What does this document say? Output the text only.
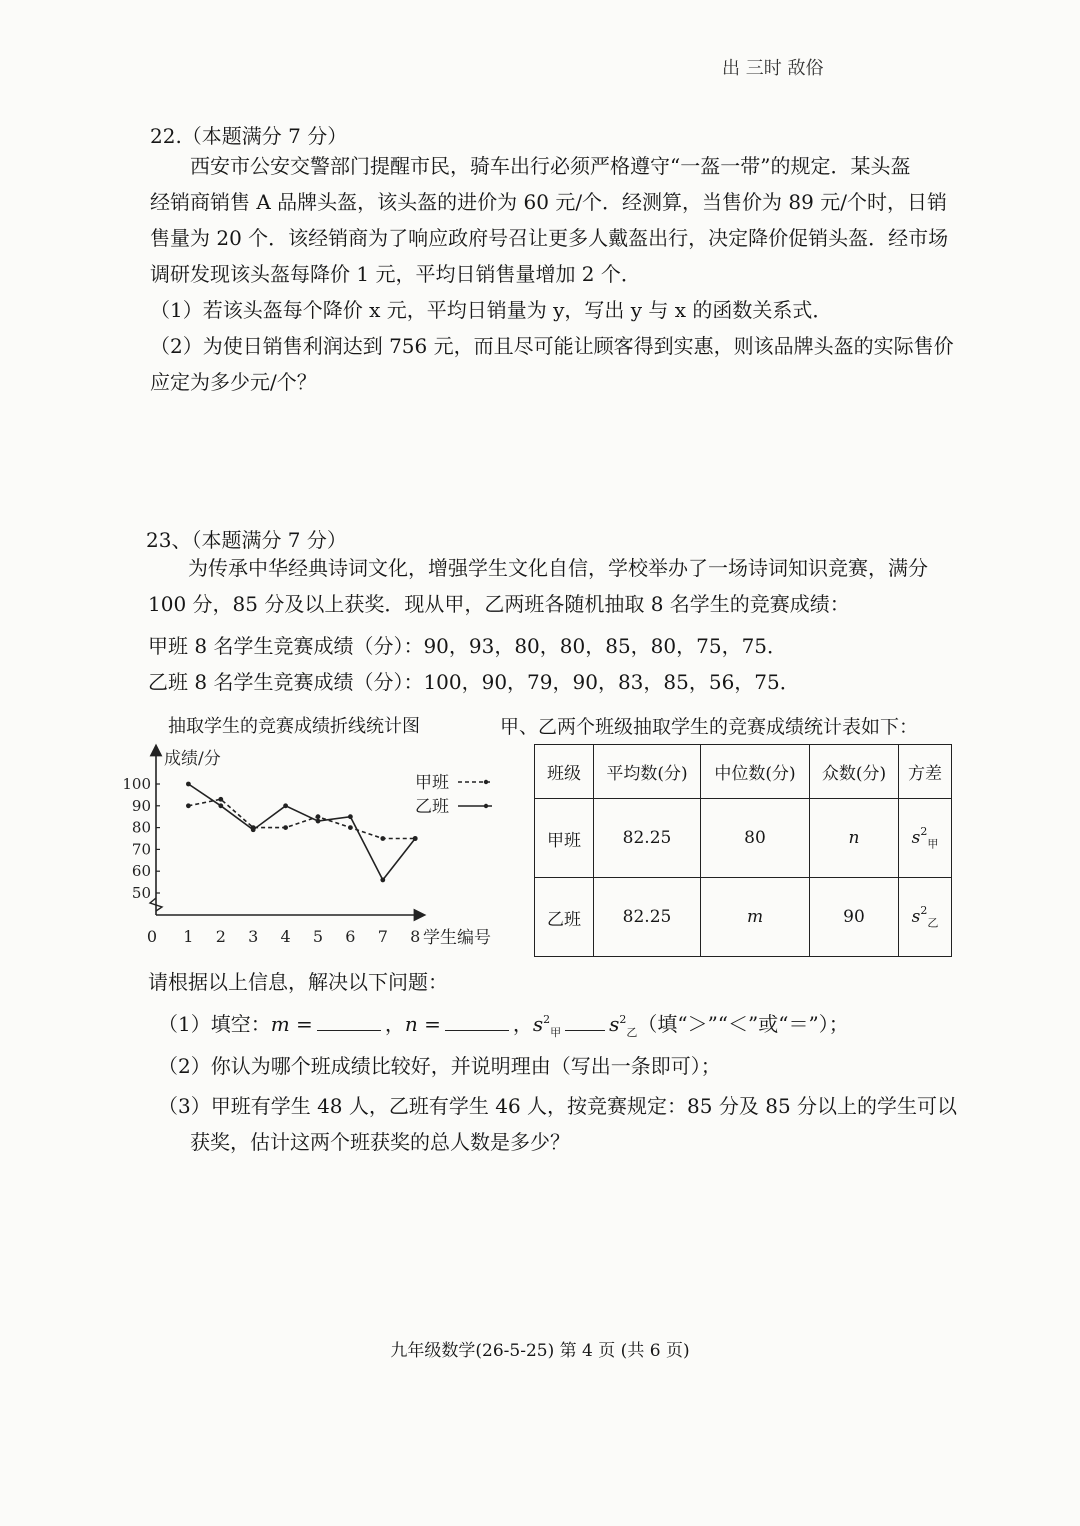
出 三时 敌俗
22.（本题满分 7 分）

西安市公安交警部门提醒市民，骑车出行必须严格遵守“一盔一带”的规定．某头盔

经销商销售 A 品牌头盔，该头盔的进价为 60 元/个．经测算，当售价为 89 元/个时，日销

售量为 20 个．该经销商为了响应政府号召让更多人戴盔出行，决定降价促销头盔．经市场

调研发现该头盔每降价 1 元，平均日销售量增加 2 个．

（1）若该头盔每个降价 x 元，平均日销量为 y，写出 y 与 x 的函数关系式．

（2）为使日销售利润达到 756 元，而且尽可能让顾客得到实惠，则该品牌头盔的实际售价

应定为多少元/个？

23、（本题满分 7 分）

为传承中华经典诗词文化，增强学生文化自信，学校举办了一场诗词知识竞赛，满分

100 分，85 分及以上获奖．现从甲，乙两班各随机抽取 8 名学生的竞赛成绩：

甲班 8 名学生竞赛成绩（分）：90，93，80，80，85，80，75，75．
乙班 8 名学生竞赛成绩（分）：100，90，79，90，83，85，56，75．
抽取学生的竞赛成绩折线统计图
成绩/分
学生编号
50
60
70
80
90
100
0 1 2 3 4 5 6 7 8
甲班
乙班
甲、乙两个班级抽取学生的竞赛成绩统计表如下：
班级	平均数(分)	中位数(分)	众数(分)	方差
甲班	82.25	80	n	$s^2_甲$
乙班	82.25	m	90	$s^2_乙$
请根据以上信息，解决以下问题：
（1）填空：m =	，n =	，$s^2_甲$ $s^2_乙$（填“＞”“＜”或“＝”）；
（2）你认为哪个班成绩比较好，并说明理由（写出一条即可）；
（3）甲班有学生 48 人，乙班有学生 46 人，按竞赛规定：85 分及 85 分以上的学生可以
获奖，估计这两个班获奖的总人数是多少？
九年级数学(26-5-25) 第 4 页 (共 6 页)
